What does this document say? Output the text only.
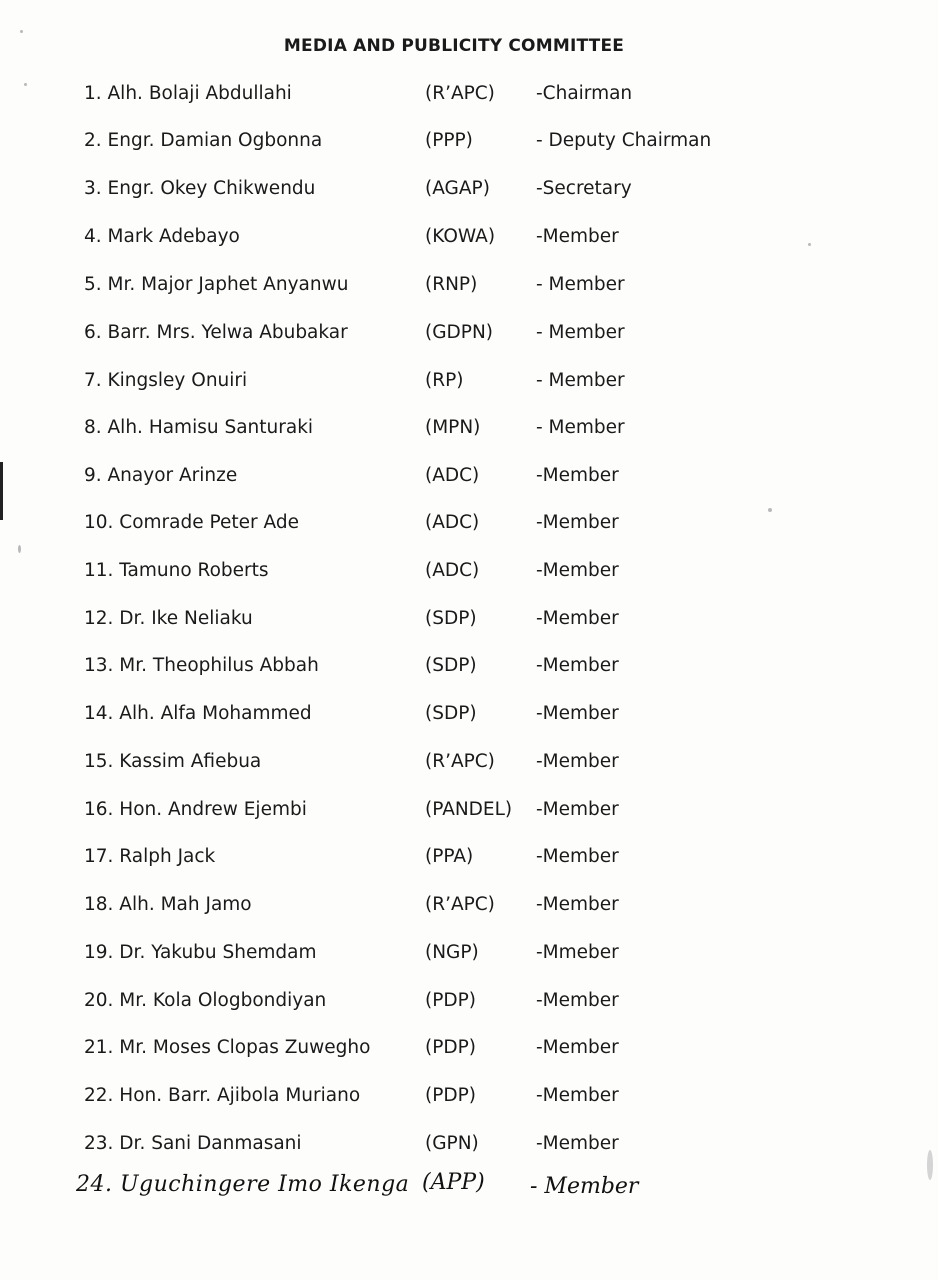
MEDIA AND PUBLICITY COMMITTEE
1. Alh. Bolaji Abdullahi	(R’APC) -Chairman
2. Engr. Damian Ogbonna	(PPP)	- Deputy Chairman
3. Engr. Okey Chikwendu	(AGAP) -Secretary
4. Mark Adebayo	(KOWA) -Member
5. Mr. Major Japhet Anyanwu	(RNP)	- Member
6. Barr. Mrs. Yelwa Abubakar	(GDPN) - Member
7. Kingsley Onuiri	(RP)	- Member
8. Alh. Hamisu Santuraki	(MPN)	- Member
9. Anayor Arinze	(ADC)	-Member
10. Comrade Peter Ade	(ADC)	-Member
11. Tamuno Roberts	(ADC)	-Member
12. Dr. Ike Neliaku	(SDP)	-Member
13. Mr. Theophilus Abbah	(SDP)	-Member
14. Alh. Alfa Mohammed	(SDP)	-Member
15. Kassim Afiebua	(R’APC) -Member
16. Hon. Andrew Ejembi	(PANDEL) -Member
17. Ralph Jack	(PPA)	-Member
18. Alh. Mah Jamo	(R’APC) -Member
19. Dr. Yakubu Shemdam	(NGP)	-Mmeber
20. Mr. Kola Ologbondiyan	(PDP)	-Member
21. Mr. Moses Clopas Zuwegho	(PDP)	-Member
22. Hon. Barr. Ajibola Muriano	(PDP)	-Member
23. Dr. Sani Danmasani	(GPN)	-Member
24. Uguchingere Imo Ikenga (APP) - Member
